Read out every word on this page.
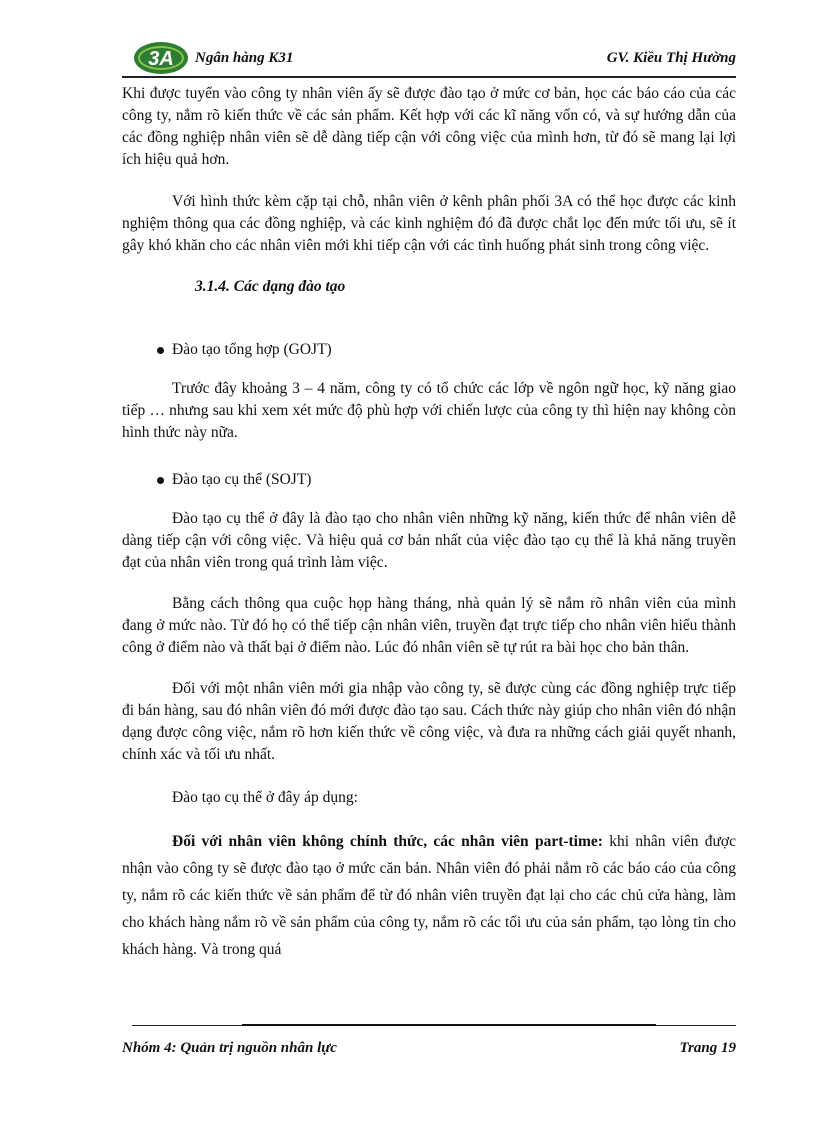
3A Ngân hàng K31	GV. Kiều Thị Hường

Khi được tuyển vào công ty nhân viên ấy sẽ được đào tạo ở mức cơ bản, học các báo cáo của các công ty, nắm rõ kiến thức về các sản phẩm. Kết hợp với các kĩ năng vốn có, và sự hướng dẫn của các đồng nghiệp nhân viên sẽ dễ dàng tiếp cận với công việc của mình hơn, từ đó sẽ mang lại lợi ích hiệu quả hơn.

Với hình thức kèm cặp tại chỗ, nhân viên ở kênh phân phối 3A có thể học được các kinh nghiệm thông qua các đồng nghiệp, và các kinh nghiệm đó đã được chắt lọc đến mức tối ưu, sẽ ít gây khó khăn cho các nhân viên mới khi tiếp cận với các tình huống phát sinh trong công việc.

3.1.4. Các dạng đào tạo

Đào tạo tổng hợp (GOJT)

Trước đây khoảng 3 – 4 năm, công ty có tổ chức các lớp về ngôn ngữ học, kỹ năng giao tiếp … nhưng sau khi xem xét mức độ phù hợp với chiến lược của công ty thì hiện nay không còn hình thức này nữa.

Đào tạo cụ thể (SOJT)

Đào tạo cụ thể ở đây là đào tạo cho nhân viên những kỹ năng, kiến thức để nhân viên dễ dàng tiếp cận với công việc. Và hiệu quả cơ bản nhất của việc đào tạo cụ thể là khả năng truyền đạt của nhân viên trong quá trình làm việc.

Bằng cách thông qua cuộc họp hàng tháng, nhà quản lý sẽ nắm rõ nhân viên của mình đang ở mức nào. Từ đó họ có thể tiếp cận nhân viên, truyền đạt trực tiếp cho nhân viên hiểu thành công ở điểm nào và thất bại ở điểm nào. Lúc đó nhân viên sẽ tự rút ra bài học cho bản thân.

Đối với một nhân viên mới gia nhập vào công ty, sẽ được cùng các đồng nghiệp trực tiếp đi bán hàng, sau đó nhân viên đó mới được đào tạo sau. Cách thức này giúp cho nhân viên đó nhận dạng được công việc, nắm rõ hơn kiến thức về công việc, và đưa ra những cách giải quyết nhanh, chính xác và tối ưu nhất.

Đào tạo cụ thể ở đây áp dụng:

Đối với nhân viên không chính thức, các nhân viên part-time: khi nhân viên được nhận vào công ty sẽ được đào tạo ở mức căn bản. Nhân viên đó phải nắm rõ các báo cáo của công ty, nắm rõ các kiến thức về sản phẩm để từ đó nhân viên truyền đạt lại cho các chủ cửa hàng, làm cho khách hàng nắm rõ về sản phẩm của công ty, nắm rõ các tối ưu của sản phẩm, tạo lòng tin cho khách hàng. Và trong quá

Nhóm 4: Quản trị nguồn nhân lực	Trang 19
